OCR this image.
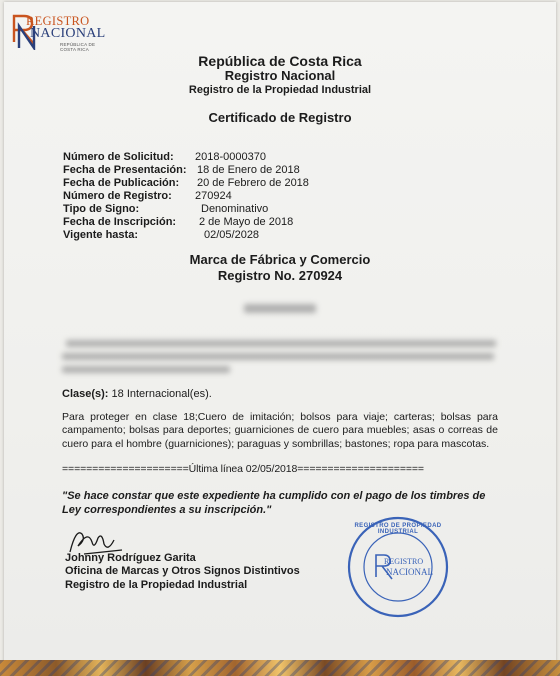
REGISTRO
NACIONAL
REPÚBLICA DE
COSTA RICA
República de Costa Rica
Registro Nacional
Registro de la Propiedad Industrial
Certificado de Registro
Número de Solicitud:	2018-0000370
Fecha de Presentación: 18 de Enero de 2018
Fecha de Publicación:	20 de Febrero de 2018
Número de Registro:	270924
Tipo de Signo:	Denominativo
Fecha de Inscripción:	2 de Mayo de 2018
Vigente hasta:	02/05/2028
Marca de Fábrica y Comercio
Registro No. 270924
Clase(s): 18 Internacional(es).
Para proteger en clase 18;Cuero de imitación; bolsos para viaje; carteras; bolsas para campamento; bolsas para deportes; guarniciones de cuero para muebles; asas o correas de cuero para el hombre (guarniciones); paraguas y sombrillas; bastones; ropa para mascotas.
=====================Última línea 02/05/2018=====================
"Se hace constar que este expediente ha cumplido con el pago de los timbres de Ley correspondientes a su inscripción."
Johnny Rodríguez Garita
Oficina de Marcas y Otros Signos Distintivos
Registro de la Propiedad Industrial
REGISTRO DE PROPIEDAD INDUSTRIAL
REGISTRO
NACIONAL
